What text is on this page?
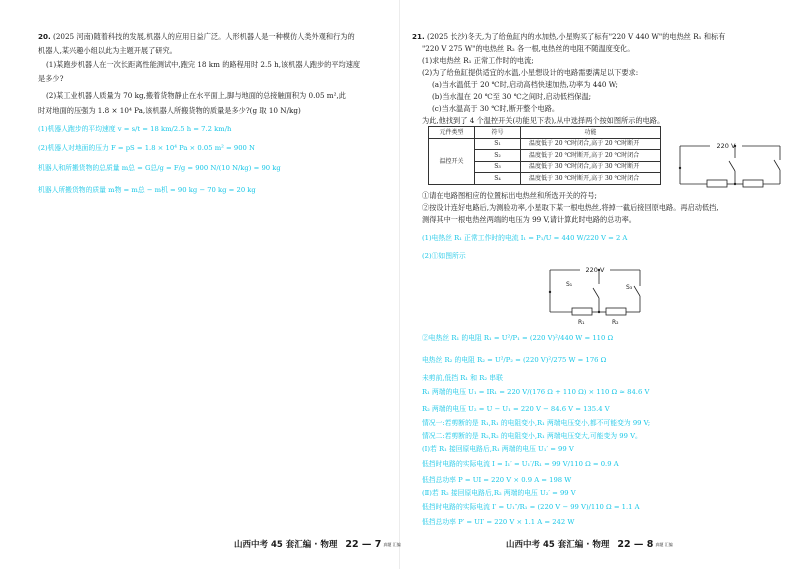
20. (2025 河南)随着科技的发展,机器人的应用日益广泛。人形机器人是一种模仿人类外观和行为的
机器人,某兴趣小组以此为主题开展了研究。
(1)某跑步机器人在一次长距离性能测试中,跑完 18 km 的路程用时 2.5 h,该机器人跑步的平均速度
是多少?
(2)某工业机器人质量为 70 kg,搬着货物静止在水平面上,脚与地面的总接触面积为 0.05 m²,此
时对地面的压强为 1.8 × 10⁴ Pa,该机器人所搬货物的质量是多少?(g 取 10 N/kg)
(1)机器人跑步的平均速度 v = s/t = 18 km/2.5 h = 7.2 km/h
(2)机器人对地面的压力 F = pS = 1.8 × 10⁴ Pa × 0.05 m² = 900 N
机器人和所搬货物的总质量 m总 = G总/g = F/g = 900 N/(10 N/kg) = 90 kg
机器人所搬货物的质量 m物 = m总 − m机 = 90 kg − 70 kg = 20 kg
山西中考 45 套汇编 · 物理 22 — 7 真题 汇编
21. (2025 长沙)冬天,为了给鱼缸内的水加热,小星购买了标有"220 V 440 W"的电热丝 R₁ 和标有
"220 V 275 W"的电热丝 R₂ 各一根,电热丝的电阻不随温度变化。
(1)求电热丝 R₁ 正常工作时的电流;
(2)为了给鱼缸提供适宜的水温,小星想设计的电路需要满足以下要求:
(a)当水温低于 20 ℃时,启动高档快速加热,功率为 440 W;
(b)当水温在 20 ℃至 30 ℃之间时,启动低档保温;
(c)当水温高于 30 ℃时,断开整个电路。
为此,他找到了 4 个温控开关(功能见下表),从中选择两个按如图所示的电路。
元件类型	符号	功能
温控开关	S₁	温度低于 20 ℃时闭合,高于 20 ℃时断开
	S₂	温度低于 20 ℃时断开,高于 20 ℃时闭合
	S₃	温度低于 30 ℃时闭合,高于 30 ℃时断开
	S₄	温度低于 30 ℃时断开,高于 30 ℃时闭合
220 V
①请在电路图相应的位置标出电热丝和所选开关的符号;
②按设计连好电路后,为测验功率,小星取下某一根电热丝,将掉一截后接回原电路。再启动低挡,
测得其中一根电热丝两端的电压为 99 V,请计算此时电路的总功率。
(1)电热丝 R₁ 正常工作时的电流 I₁ = P₁/U = 440 W/220 V = 2 A
(2)①如图所示
220 V
S₁	S₃
R₁	R₂
②电热丝 R₁ 的电阻 R₁ = U²/P₁ = (220 V)²/440 W = 110 Ω
电热丝 R₂ 的电阻 R₂ = U²/P₂ = (220 V)²/275 W = 176 Ω
未剪前,低挡 R₁ 和 R₂ 串联
R₁ 两端的电压 U₁ = IR₁ = 220 V/(176 Ω + 110 Ω) × 110 Ω ≈ 84.6 V
R₂ 两端的电压 U₂ = U − U₁ = 220 V − 84.6 V = 135.4 V
情况一:若剪断的是 R₁,R₁ 的电阻变小,R₁ 两端电压变小,都不可能变为 99 V;
情况二:若剪断的是 R₂,R₂ 的电阻变小,R₁ 两端电压变大,可能变为 99 V。
(Ⅰ)若 R₁ 接回原电路后,R₁ 两端的电压 U₁′ = 99 V
低挡时电路的实际电流 I = I₁′ = U₁′/R₁ = 99 V/110 Ω = 0.9 A
低挡总功率 P = UI = 220 V × 0.9 A = 198 W
(Ⅱ)若 R₂ 接回原电路后,R₂ 两端的电压 U₂′ = 99 V
低挡时电路的实际电流 I′ = U₁″/R₁ = (220 V − 99 V)/110 Ω = 1.1 A
低挡总功率 P′ = UI′ = 220 V × 1.1 A = 242 W
山西中考 45 套汇编 · 物理 22 — 8 真题 汇编
